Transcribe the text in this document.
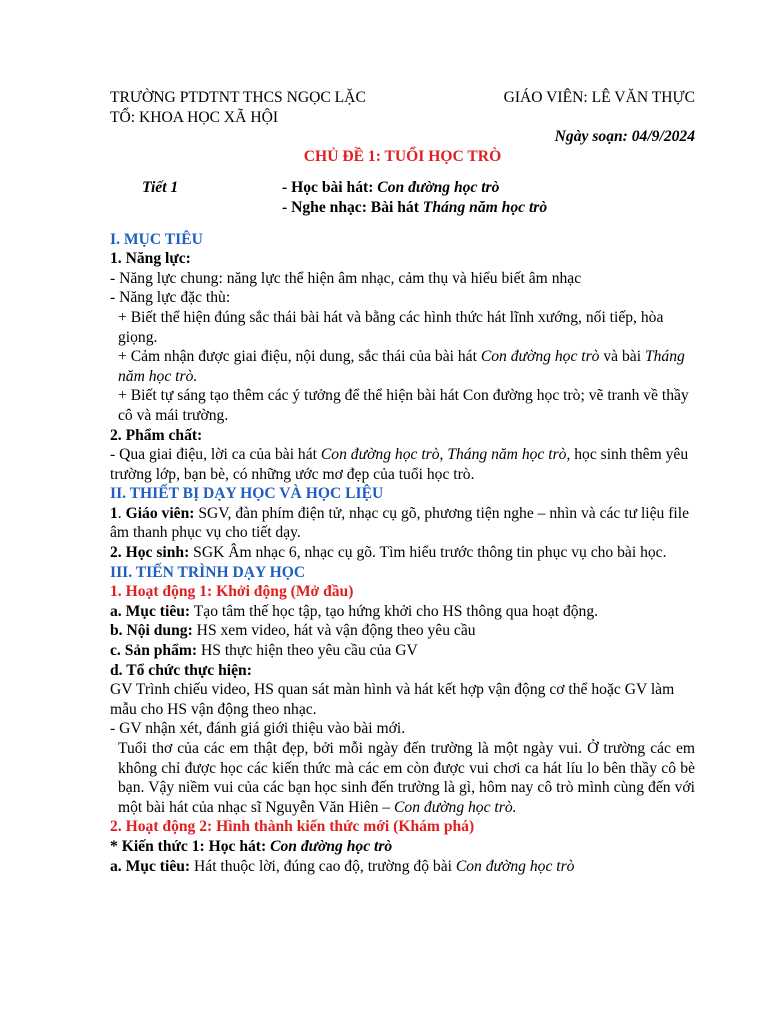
TRƯỜNG PTDTNT THCS NGỌC LẶC	GIÁO VIÊN: LÊ VĂN THỰC

TỔ: KHOA HỌC XÃ HỘI

Ngày soạn: 04/9/2024

CHỦ ĐỀ 1: TUỔI HỌC TRÒ

Tiết 1	- Học bài hát: Con đường học trò

- Nghe nhạc: Bài hát Tháng năm học trò

I. MỤC TIÊU

1. Năng lực:

- Năng lực chung: năng lực thể hiện âm nhạc, cảm thụ và hiểu biết âm nhạc

- Năng lực đặc thù:

+ Biết thể hiện đúng sắc thái bài hát và bằng các hình thức hát lĩnh xướng, nối tiếp, hòa giọng.

+ Cảm nhận được giai điệu, nội dung, sắc thái của bài hát Con đường học trò và bài Tháng năm học trò.

+ Biết tự sáng tạo thêm các ý tưởng để thể hiện bài hát Con đường học trò; vẽ tranh về thầy cô và mái trường.

2. Phẩm chất:

- Qua giai điệu, lời ca của bài hát Con đường học trò, Tháng năm học trò, học sinh thêm yêu trường lớp, bạn bè, có những ước mơ đẹp của tuổi học trò.

II. THIẾT BỊ DẠY HỌC VÀ HỌC LIỆU

1. Giáo viên: SGV, đàn phím điện tử, nhạc cụ gõ, phương tiện nghe – nhìn và các tư liệu file âm thanh phục vụ cho tiết dạy.

2. Học sinh: SGK Âm nhạc 6, nhạc cụ gõ. Tìm hiểu trước thông tin phục vụ cho bài học.

III. TIẾN TRÌNH DẠY HỌC

1. Hoạt động 1: Khởi động (Mở đầu)

a. Mục tiêu: Tạo tâm thế học tập, tạo hứng khởi cho HS thông qua hoạt động.

b. Nội dung: HS xem video, hát và vận động theo yêu cầu

c. Sản phẩm: HS thực hiện theo yêu cầu của GV

d. Tổ chức thực hiện:

GV Trình chiếu video, HS quan sát màn hình và hát kết hợp vận động cơ thể hoặc GV làm mẫu cho HS vận động theo nhạc.

- GV nhận xét, đánh giá giới thiệu vào bài mới.

Tuổi thơ của các em thật đẹp, bởi mỗi ngày đến trường là một ngày vui. Ở trường các em không chỉ được học các kiến thức mà các em còn được vui chơi ca hát líu lo bên thầy cô bè bạn. Vậy niềm vui của các bạn học sinh đến trường là gì, hôm nay cô trò mình cùng đến với một bài hát của nhạc sĩ Nguyễn Văn Hiên – Con đường học trò.

2. Hoạt động 2: Hình thành kiến thức mới (Khám phá)

* Kiến thức 1: Học hát: Con đường học trò

a. Mục tiêu: Hát thuộc lời, đúng cao độ, trường độ bài Con đường học trò
